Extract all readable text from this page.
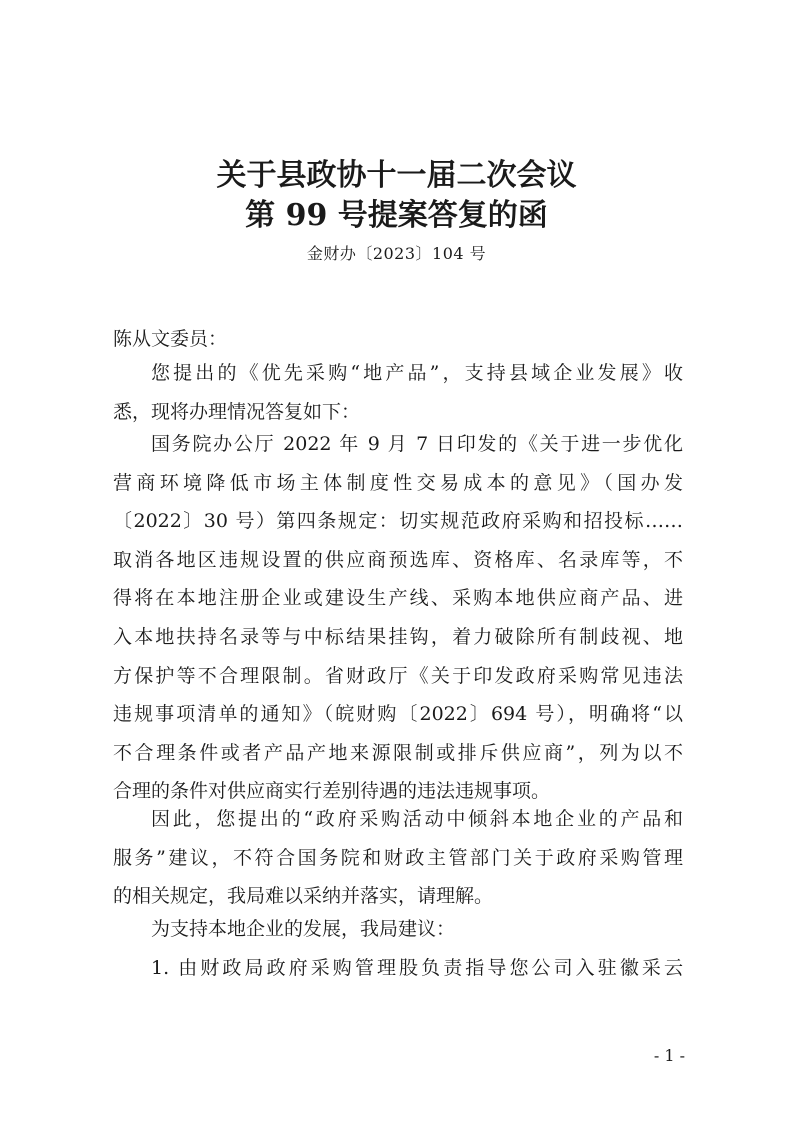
关于县政协十一届二次会议
第 99 号提案答复的函
金财办〔2023〕104 号
陈从文委员：
您提出的《优先采购“地产品”，支持县域企业发展》收
悉，现将办理情况答复如下：
国务院办公厅 2022 年 9 月 7 日印发的《关于进一步优化
营商环境降低市场主体制度性交易成本的意见》（国办发
〔2022〕30 号）第四条规定：切实规范政府采购和招投标……
取消各地区违规设置的供应商预选库、资格库、名录库等，不
得将在本地注册企业或建设生产线、采购本地供应商产品、进
入本地扶持名录等与中标结果挂钩，着力破除所有制歧视、地
方保护等不合理限制。省财政厅《关于印发政府采购常见违法
违规事项清单的通知》（皖财购〔2022〕694 号），明确将“以
不合理条件或者产品产地来源限制或排斥供应商”，列为以不
合理的条件对供应商实行差别待遇的违法违规事项。
因此，您提出的“政府采购活动中倾斜本地企业的产品和
服务”建议，不符合国务院和财政主管部门关于政府采购管理
的相关规定，我局难以采纳并落实，请理解。
为支持本地企业的发展，我局建议：
1. 由财政局政府采购管理股负责指导您公司入驻徽采云
- 1 -
